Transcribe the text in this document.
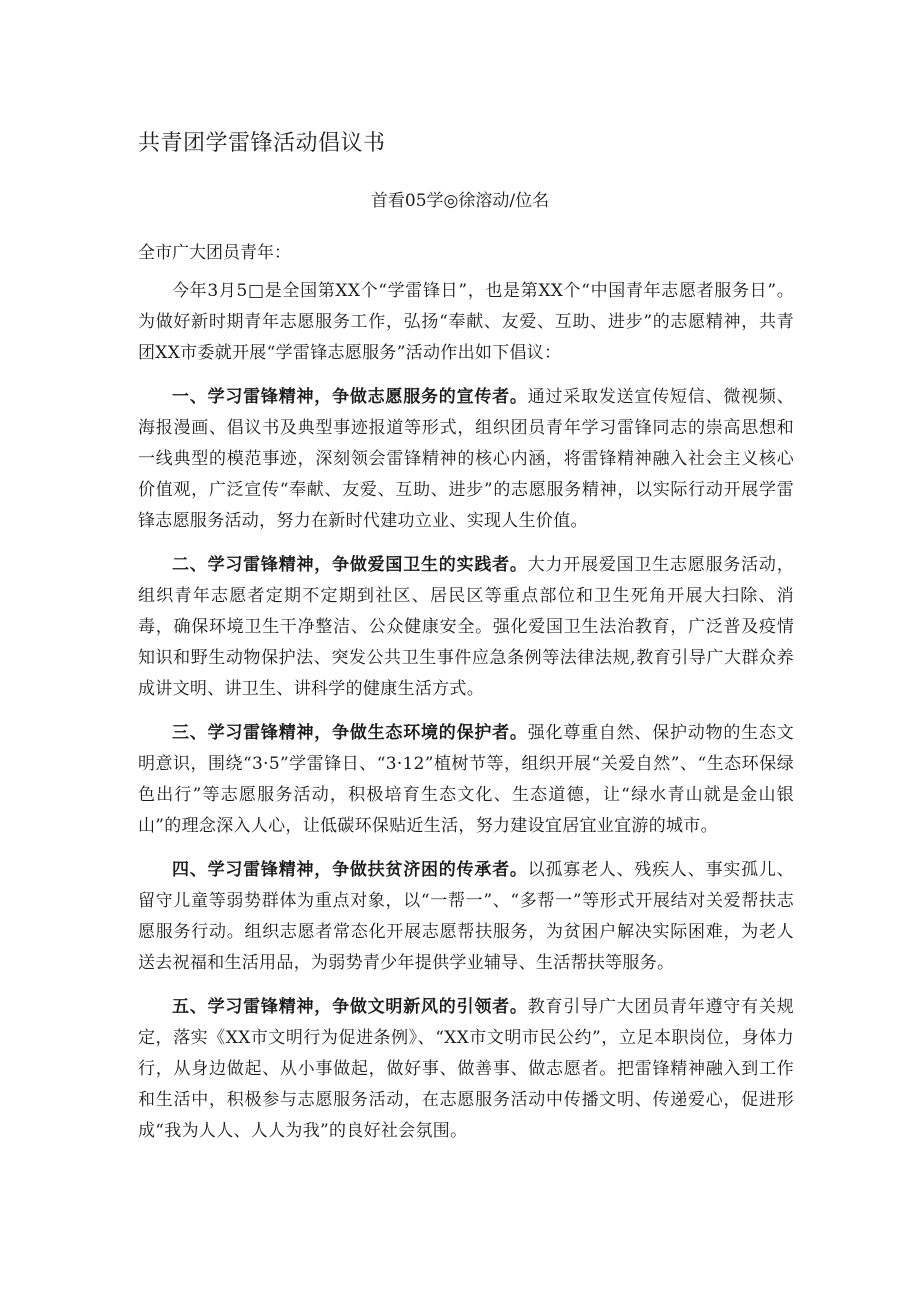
共青团学雷锋活动倡议书
首看05学◎徐溶动/位名
全市广大团员青年：

今年3月5□是全国第XX个“学雷锋日”，也是第XX个“中国青年志愿者服务日”。为做好新时期青年志愿服务工作，弘扬“奉献、友爱、互助、进步”的志愿精神，共青团XX市委就开展“学雷锋志愿服务”活动作出如下倡议：

一、学习雷锋精神，争做志愿服务的宣传者。通过采取发送宣传短信、微视频、海报漫画、倡议书及典型事迹报道等形式，组织团员青年学习雷锋同志的崇高思想和一线典型的模范事迹，深刻领会雷锋精神的核心内涵，将雷锋精神融入社会主义核心价值观，广泛宣传“奉献、友爱、互助、进步”的志愿服务精神，以实际行动开展学雷锋志愿服务活动，努力在新时代建功立业、实现人生价值。

二、学习雷锋精神，争做爱国卫生的实践者。大力开展爱国卫生志愿服务活动，组织青年志愿者定期不定期到社区、居民区等重点部位和卫生死角开展大扫除、消毒，确保环境卫生干净整洁、公众健康安全。强化爱国卫生法治教育，广泛普及疫情知识和野生动物保护法、突发公共卫生事件应急条例等法律法规,教育引导广大群众养成讲文明、讲卫生、讲科学的健康生活方式。

三、学习雷锋精神，争做生态环境的保护者。强化尊重自然、保护动物的生态文明意识，围绕“3·5”学雷锋日、“3·12”植树节等，组织开展“关爱自然”、“生态环保绿色出行”等志愿服务活动，积极培育生态文化、生态道德，让“绿水青山就是金山银山”的理念深入人心，让低碳环保贴近生活，努力建设宜居宜业宜游的城市。

四、学习雷锋精神，争做扶贫济困的传承者。以孤寡老人、残疾人、事实孤儿、留守儿童等弱势群体为重点对象，以“一帮一”、“多帮一”等形式开展结对关爱帮扶志愿服务行动。组织志愿者常态化开展志愿帮扶服务，为贫困户解决实际困难，为老人送去祝福和生活用品，为弱势青少年提供学业辅导、生活帮扶等服务。

五、学习雷锋精神，争做文明新风的引领者。教育引导广大团员青年遵守有关规定，落实《XX市文明行为促进条例》、“XX市文明市民公约”，立足本职岗位，身体力行，从身边做起、从小事做起，做好事、做善事、做志愿者。把雷锋精神融入到工作和生活中，积极参与志愿服务活动，在志愿服务活动中传播文明、传递爱心，促进形成“我为人人、人人为我”的良好社会氛围。
